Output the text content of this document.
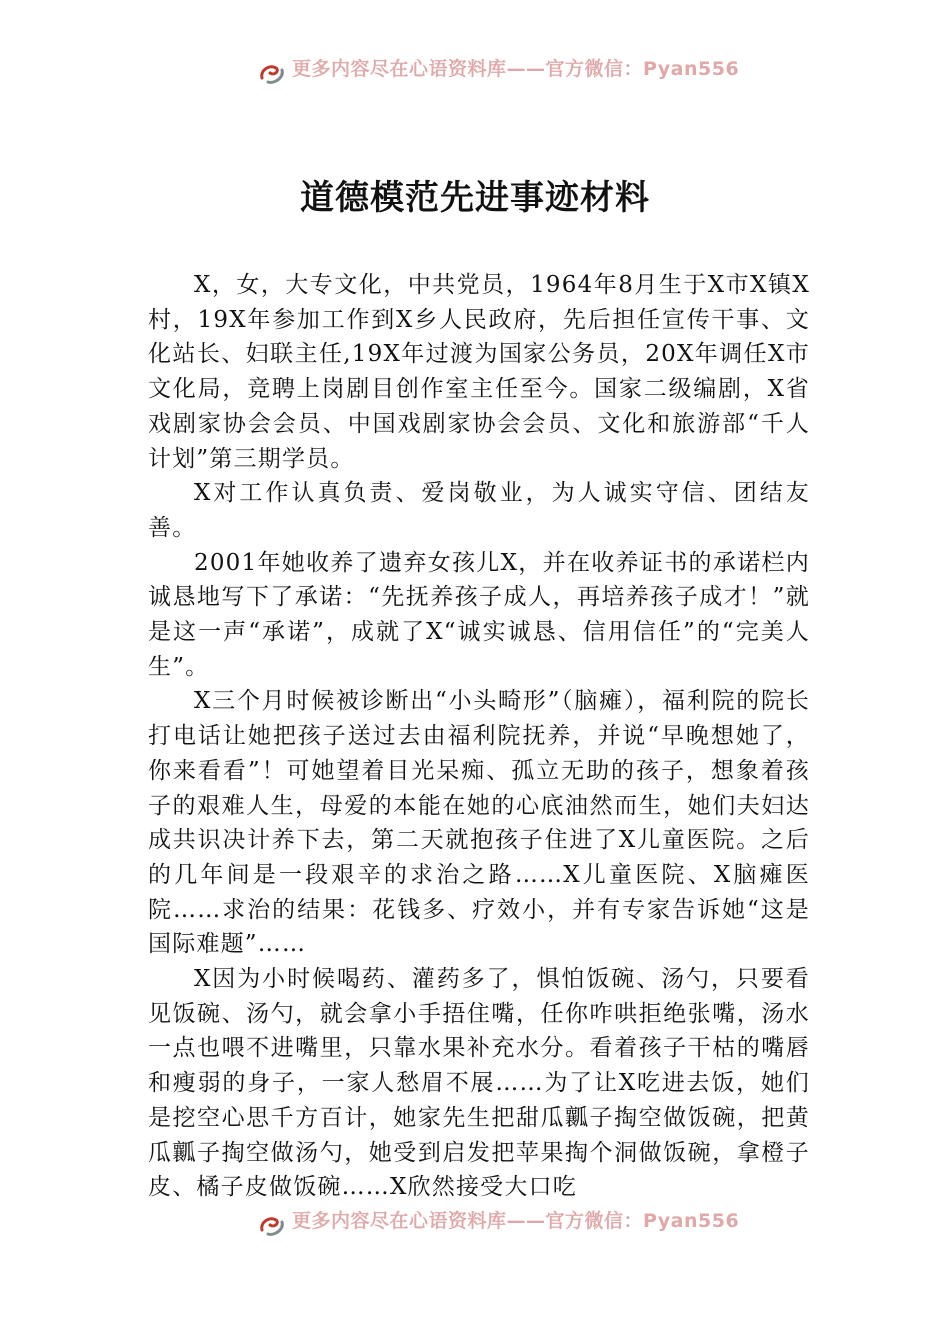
更多内容尽在心语资料库——官方微信：Pyan556
道德模范先进事迹材料

X，女，大专文化，中共党员，1964年8月生于X市X镇X村，19X年参加工作到X乡人民政府，先后担任宣传干事、文化站长、妇联主任,19X年过渡为国家公务员，20X年调任X市文化局，竞聘上岗剧目创作室主任至今。国家二级编剧，X省戏剧家协会会员、中国戏剧家协会会员、文化和旅游部“千人计划”第三期学员。

X对工作认真负责、爱岗敬业，为人诚实守信、团结友善。

2001年她收养了遗弃女孩儿X，并在收养证书的承诺栏内诚恳地写下了承诺：“先抚养孩子成人，再培养孩子成才！”就是这一声“承诺”，成就了X“诚实诚恳、信用信任”的“完美人生”。

X三个月时候被诊断出“小头畸形”（脑瘫），福利院的院长打电话让她把孩子送过去由福利院抚养，并说“早晚想她了，你来看看”！可她望着目光呆痴、孤立无助的孩子，想象着孩子的艰难人生，母爱的本能在她的心底油然而生，她们夫妇达成共识决计养下去，第二天就抱孩子住进了X儿童医院。之后的几年间是一段艰辛的求治之路……X儿童医院、X脑瘫医院……求治的结果：花钱多、疗效小，并有专家告诉她“这是国际难题”……

X因为小时候喝药、灌药多了，惧怕饭碗、汤勺，只要看见饭碗、汤勺，就会拿小手捂住嘴，任你咋哄拒绝张嘴，汤水一点也喂不进嘴里，只靠水果补充水分。看着孩子干枯的嘴唇和瘦弱的身子，一家人愁眉不展……为了让X吃进去饭，她们是挖空心思千方百计，她家先生把甜瓜瓤子掏空做饭碗，把黄瓜瓤子掏空做汤勺，她受到启发把苹果掏个洞做饭碗，拿橙子皮、橘子皮做饭碗……X欣然接受大口吃

更多内容尽在心语资料库——官方微信：Pyan556
